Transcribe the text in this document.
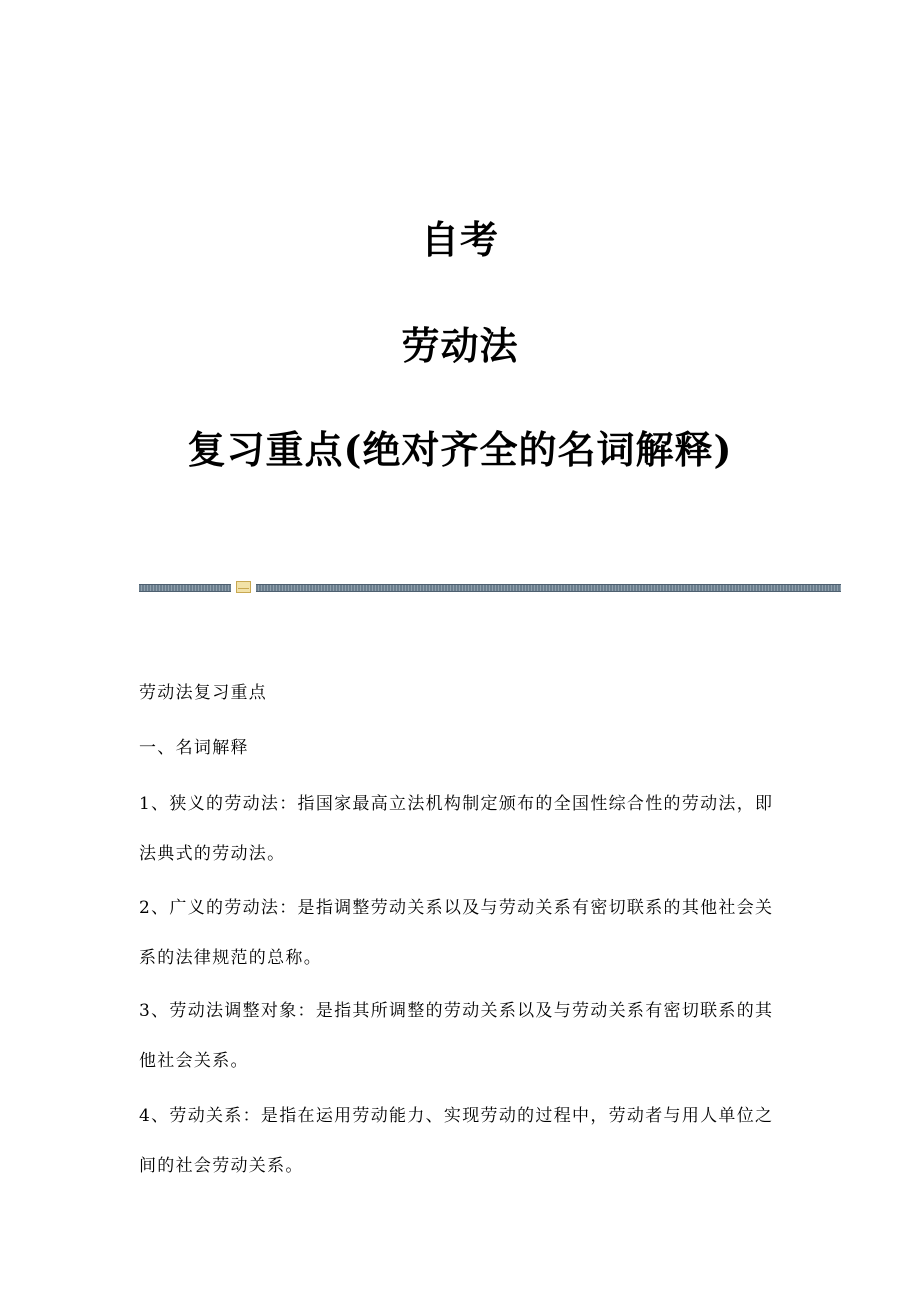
自考
劳动法
复习重点(绝对齐全的名词解释)
劳动法复习重点
一、名词解释
1、狭义的劳动法：指国家最高立法机构制定颁布的全国性综合性的劳动法，即
法典式的劳动法。
2、广义的劳动法：是指调整劳动关系以及与劳动关系有密切联系的其他社会关
系的法律规范的总称。
3、劳动法调整对象：是指其所调整的劳动关系以及与劳动关系有密切联系的其
他社会关系。
4、劳动关系：是指在运用劳动能力、实现劳动的过程中，劳动者与用人单位之
间的社会劳动关系。
